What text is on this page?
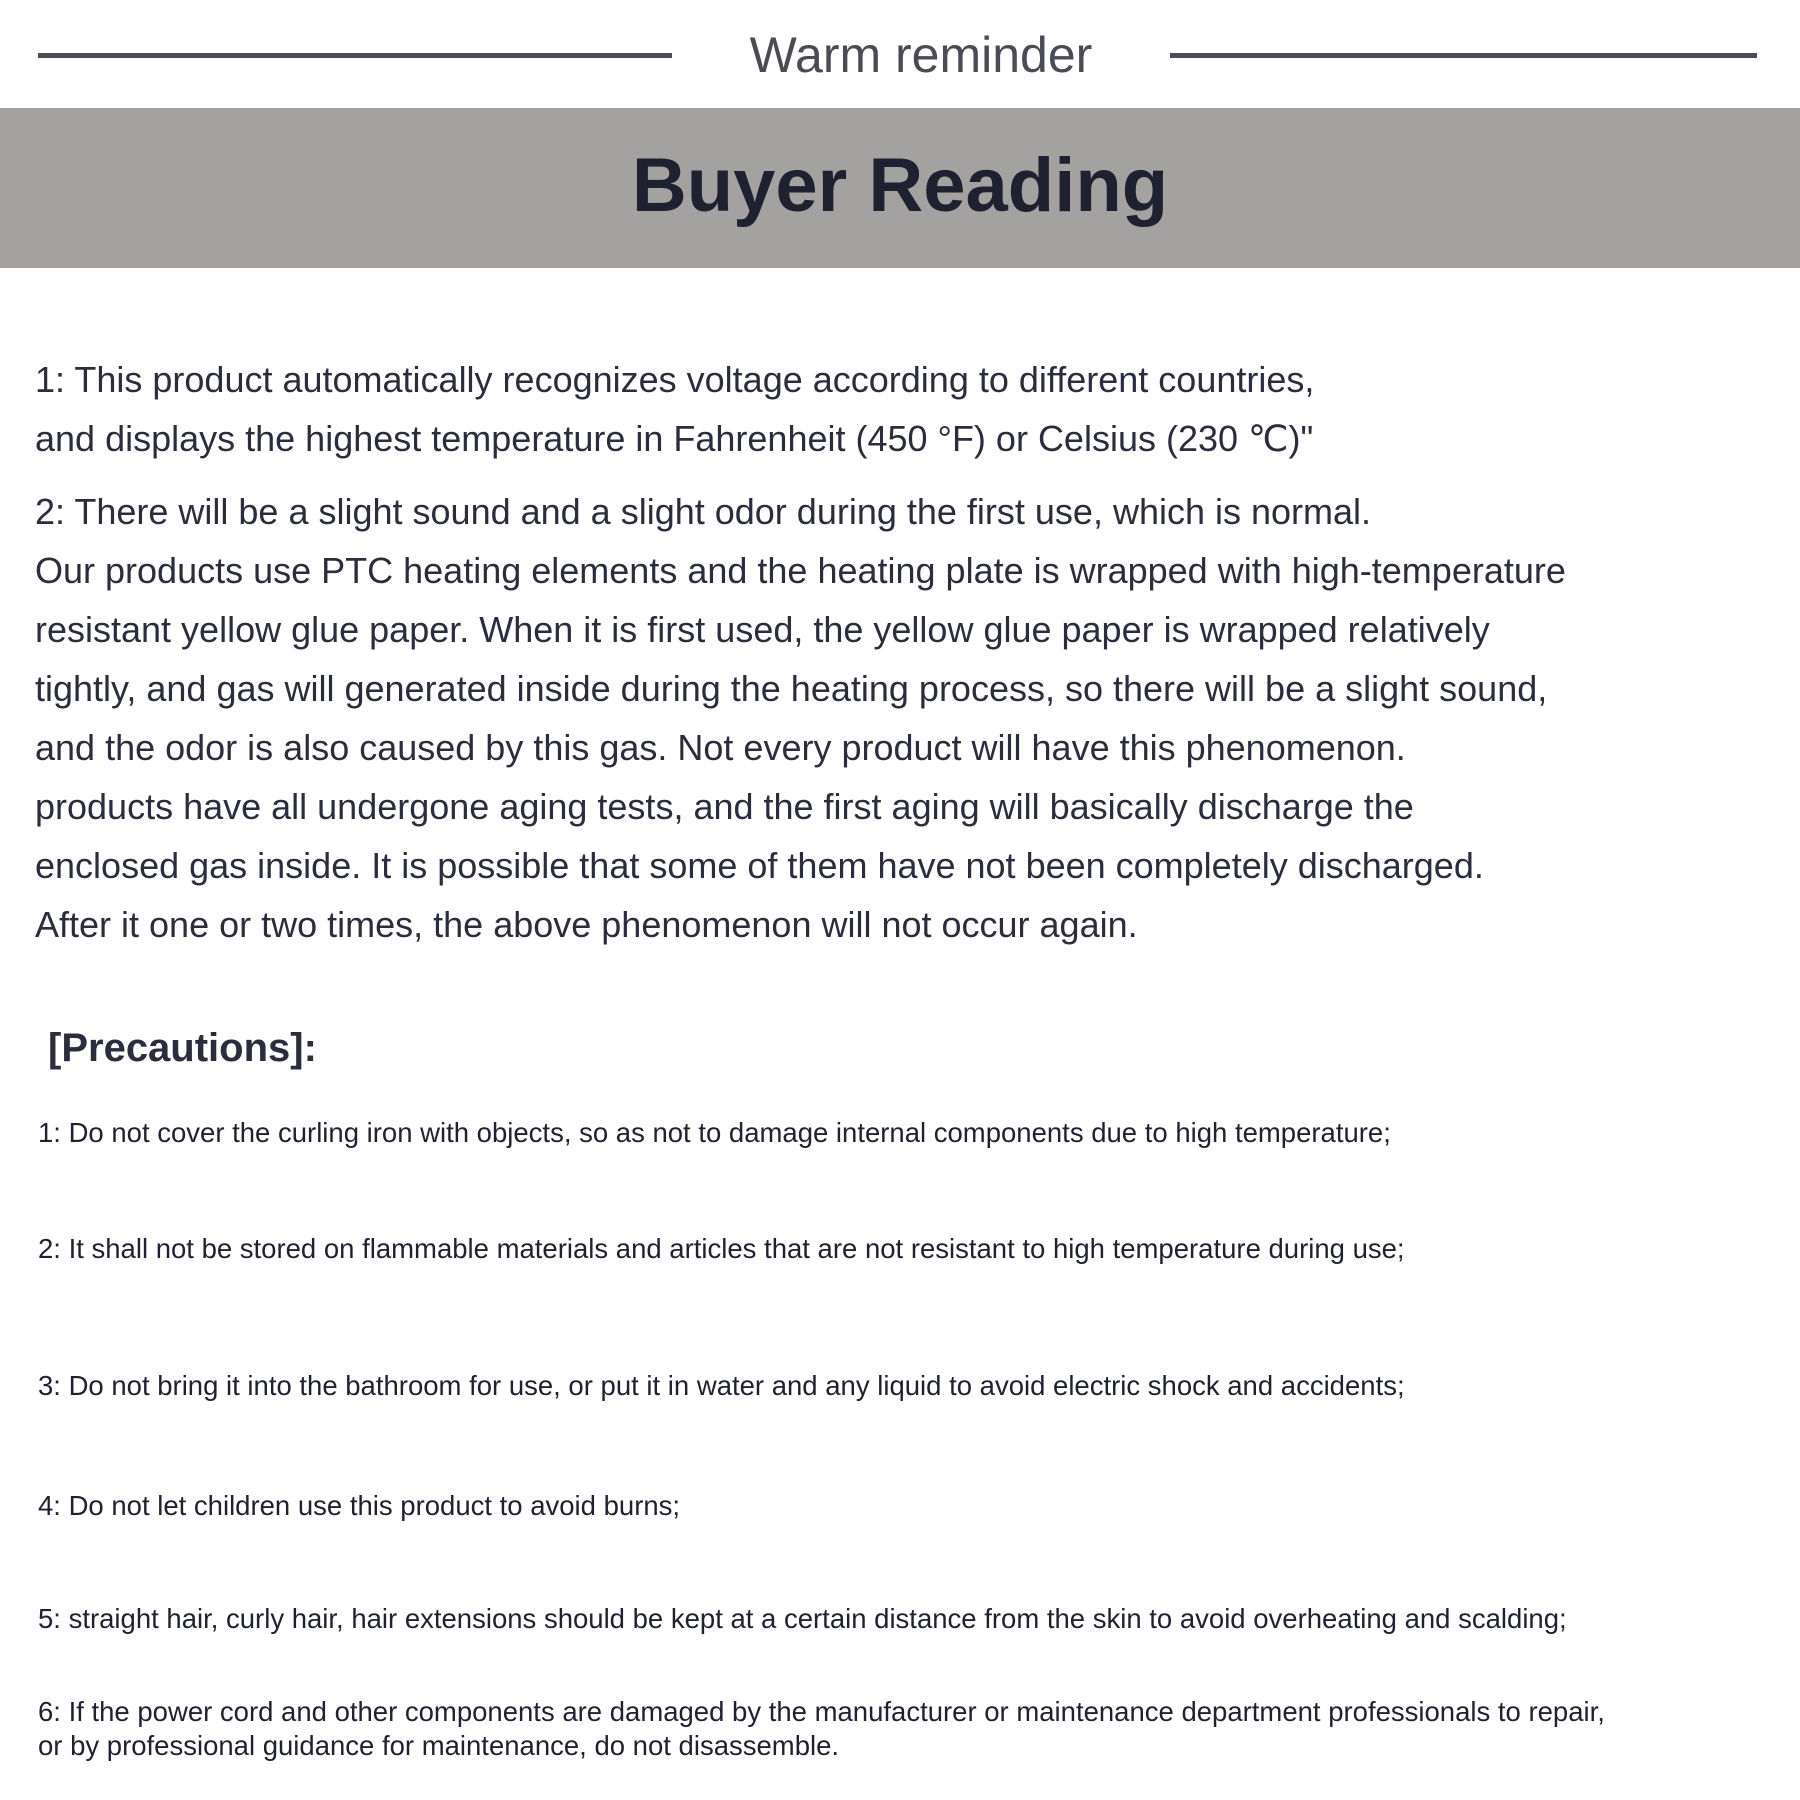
Warm reminder
Buyer Reading

1: This product automatically recognizes voltage according to different countries,

and displays the highest temperature in Fahrenheit (450 °F) or Celsius (230 ℃)"

2: There will be a slight sound and a slight odor during the first use, which is normal.

Our products use PTC heating elements and the heating plate is wrapped with high-temperature

resistant yellow glue paper. When it is first used, the yellow glue paper is wrapped relatively

tightly, and gas will generated inside during the heating process, so there will be a slight sound,

and the odor is also caused by this gas. Not every product will have this phenomenon.

products have all undergone aging tests, and the first aging will basically discharge the

enclosed gas inside. It is possible that some of them have not been completely discharged.

After it one or two times, the above phenomenon will not occur again.

[Precautions]:
1: Do not cover the curling iron with objects, so as not to damage internal components due to high temperature;
2: It shall not be stored on flammable materials and articles that are not resistant to high temperature during use;
3: Do not bring it into the bathroom for use, or put it in water and any liquid to avoid electric shock and accidents;
4: Do not let children use this product to avoid burns;
5: straight hair, curly hair, hair extensions should be kept at a certain distance from the skin to avoid overheating and scalding;
6: If the power cord and other components are damaged by the manufacturer or maintenance department professionals to repair,
or by professional guidance for maintenance, do not disassemble.
